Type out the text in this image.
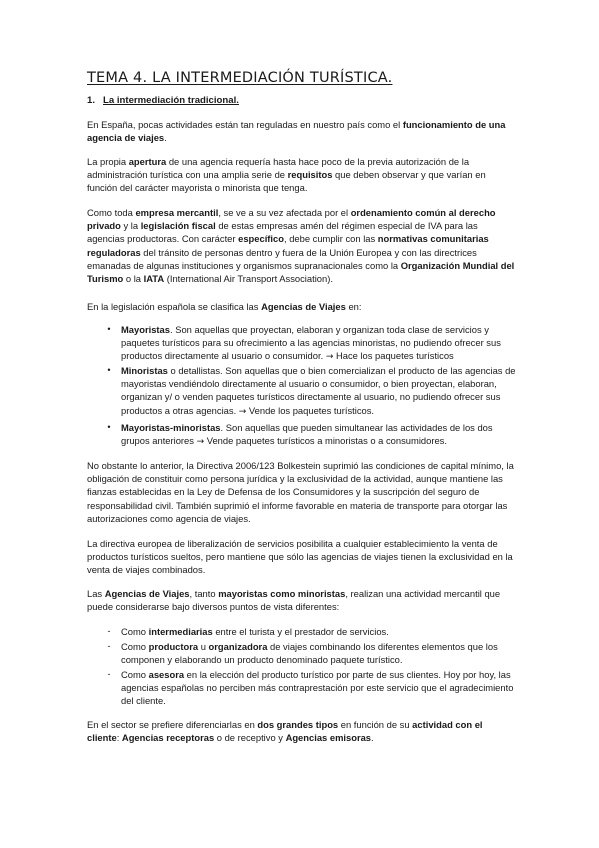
TEMA 4. LA INTERMEDIACIÓN TURÍSTICA.
1. La intermediación tradicional.

En España, pocas actividades están tan reguladas en nuestro país como el funcionamiento de una agencia de viajes.

La propia apertura de una agencia requería hasta hace poco de la previa autorización de la administración turística con una amplia serie de requisitos que deben observar y que varían en función del carácter mayorista o minorista que tenga.

Como toda empresa mercantil, se ve a su vez afectada por el ordenamiento común al derecho privado y la legislación fiscal de estas empresas amén del régimen especial de IVA para las agencias productoras. Con carácter específico, debe cumplir con las normativas comunitarias reguladoras del tránsito de personas dentro y fuera de la Unión Europea y con las directrices emanadas de algunas instituciones y organismos supranacionales como la Organización Mundial del Turismo o la IATA (International Air Transport Association).

En la legislación española se clasifica las Agencias de Viajes en:

•	Mayoristas. Son aquellas que proyectan, elaboran y organizan toda clase de servicios y paquetes turísticos para su ofrecimiento a las agencias minoristas, no pudiendo ofrecer sus productos directamente al usuario o consumidor. → Hace los paquetes turísticos

•	Minoristas o detallistas. Son aquellas que o bien comercializan el producto de las agencias de mayoristas vendiéndolo directamente al usuario o consumidor, o bien proyectan, elaboran, organizan y/ o venden paquetes turísticos directamente al usuario, no pudiendo ofrecer sus productos a otras agencias. → Vende los paquetes turísticos.

•	Mayoristas-minoristas. Son aquellas que pueden simultanear las actividades de los dos grupos anteriores → Vende paquetes turísticos a minoristas o a consumidores.

No obstante lo anterior, la Directiva 2006/123 Bolkestein suprimió las condiciones de capital mínimo, la obligación de constituir como persona jurídica y la exclusividad de la actividad, aunque mantiene las fianzas establecidas en la Ley de Defensa de los Consumidores y la suscripción del seguro de responsabilidad civil. También suprimió el informe favorable en materia de transporte para otorgar las autorizaciones como agencia de viajes.

La directiva europea de liberalización de servicios posibilita a cualquier establecimiento la venta de productos turísticos sueltos, pero mantiene que sólo las agencias de viajes tienen la exclusividad en la venta de viajes combinados.

Las Agencias de Viajes, tanto mayoristas como minoristas, realizan una actividad mercantil que puede considerarse bajo diversos puntos de vista diferentes:

-	Como intermediarias entre el turista y el prestador de servicios.

-	Como productora u organizadora de viajes combinando los diferentes elementos que los componen y elaborando un producto denominado paquete turístico.

-	Como asesora en la elección del producto turístico por parte de sus clientes. Hoy por hoy, las agencias españolas no perciben más contraprestación por este servicio que el agradecimiento del cliente.

En el sector se prefiere diferenciarlas en dos grandes tipos en función de su actividad con el cliente: Agencias receptoras o de receptivo y Agencias emisoras.
